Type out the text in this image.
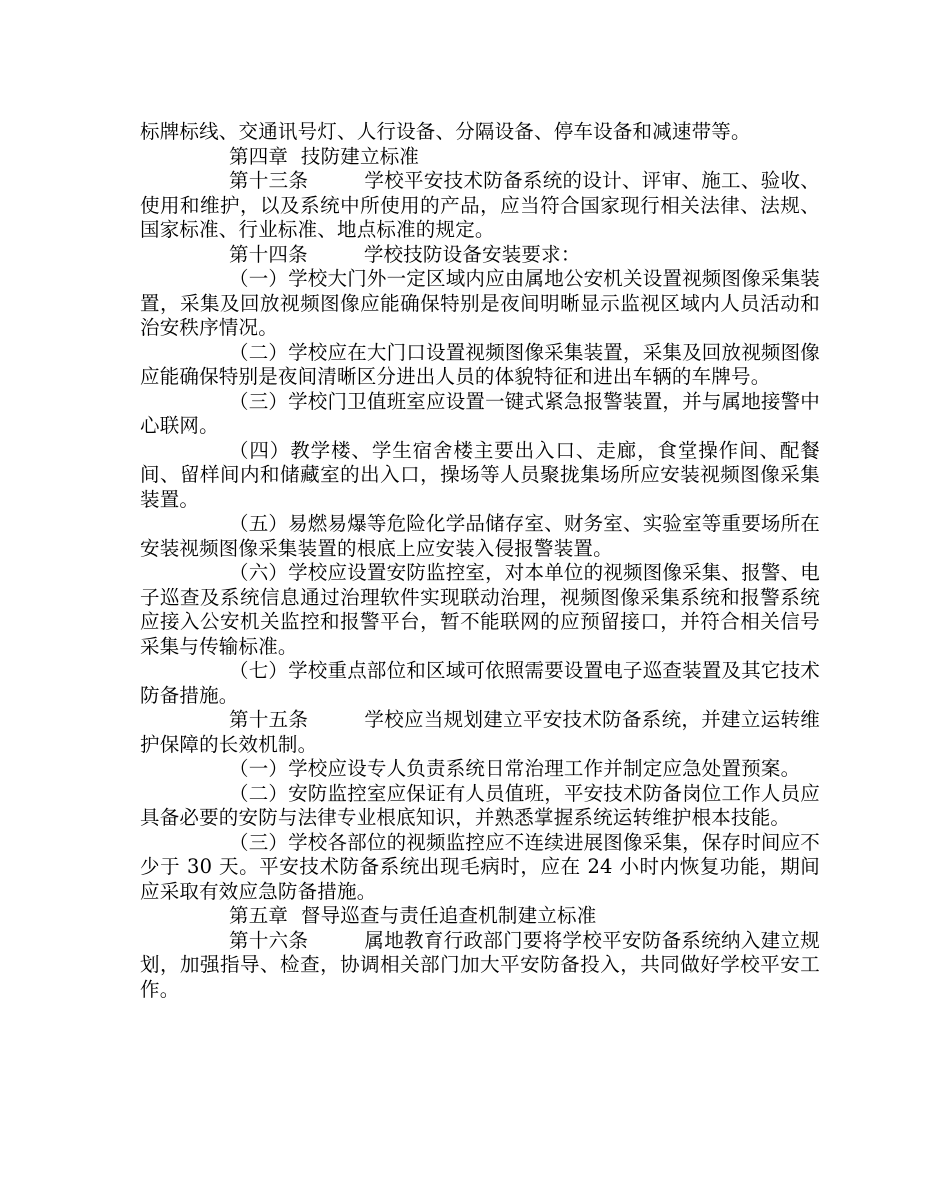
标牌标线、交通讯号灯、人行设备、分隔设备、停车设备和减速带等。

第四章  技防建立标准

第十三条	学校平安技术防备系统的设计、评审、施工、验收、使用和维护，以及系统中所使用的产品，应当符合国家现行相关法律、法规、国家标准、行业标准、地点标准的规定。

第十四条	学校技防设备安装要求：

（一）学校大门外一定区域内应由属地公安机关设置视频图像采集装置，采集及回放视频图像应能确保特别是夜间明晰显示监视区域内人员活动和治安秩序情况。

（二）学校应在大门口设置视频图像采集装置，采集及回放视频图像应能确保特别是夜间清晰区分进出人员的体貌特征和进出车辆的车牌号。

（三）学校门卫值班室应设置一键式紧急报警装置，并与属地接警中心联网。

（四）教学楼、学生宿舍楼主要出入口、走廊，食堂操作间、配餐间、留样间内和储藏室的出入口，操场等人员聚拢集场所应安装视频图像采集装置。

（五）易燃易爆等危险化学品储存室、财务室、实验室等重要场所在安装视频图像采集装置的根底上应安装入侵报警装置。

（六）学校应设置安防监控室，对本单位的视频图像采集、报警、电子巡查及系统信息通过治理软件实现联动治理，视频图像采集系统和报警系统应接入公安机关监控和报警平台，暂不能联网的应预留接口，并符合相关信号采集与传输标准。

（七）学校重点部位和区域可依照需要设置电子巡查装置及其它技术防备措施。

第十五条	学校应当规划建立平安技术防备系统，并建立运转维护保障的长效机制。

（一）学校应设专人负责系统日常治理工作并制定应急处置预案。

（二）安防监控室应保证有人员值班，平安技术防备岗位工作人员应具备必要的安防与法律专业根底知识，并熟悉掌握系统运转维护根本技能。

（三）学校各部位的视频监控应不连续进展图像采集，保存时间应不少于 30 天。平安技术防备系统出现毛病时，应在 24 小时内恢复功能，期间应采取有效应急防备措施。

第五章  督导巡查与责任追查机制建立标准

第十六条	属地教育行政部门要将学校平安防备系统纳入建立规划，加强指导、检查，协调相关部门加大平安防备投入，共同做好学校平安工作。
